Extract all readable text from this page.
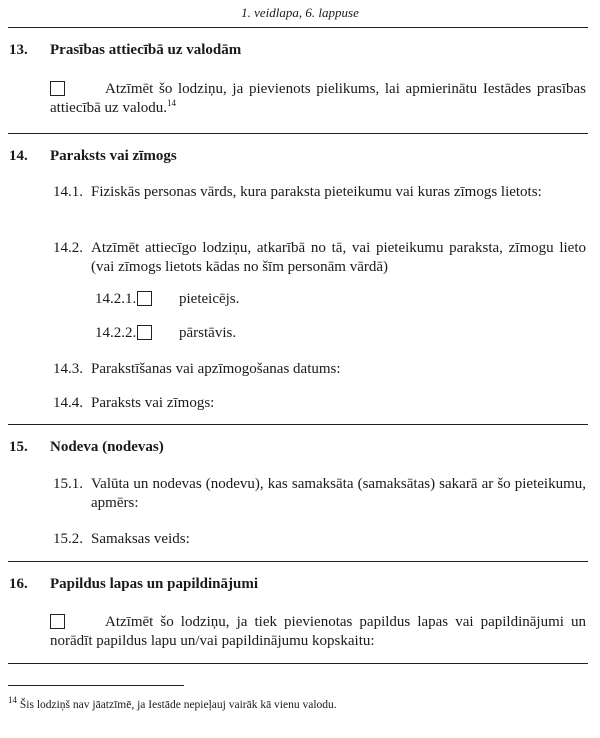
1. veidlapa, 6. lappuse
13. Prasības attiecībā uz valodām
Atzīmēt šo lodziņu, ja pievienots pielikums, lai apmierinātu Iestādes prasības attiecībā uz valodu.$^{14}$
14. Paraksts vai zīmogs
14.1. Fiziskās personas vārds, kura paraksta pieteikumu vai kuras zīmogs lietots:
14.2. Atzīmēt attiecīgo lodziņu, atkarībā no tā, vai pieteikumu paraksta, zīmogu lieto (vai zīmogs lietots kādas no šīm personām vārdā)
14.2.1.	pieteicējs.
14.2.2.	pārstāvis.
14.3. Parakstīšanas vai apzīmogošanas datums:
14.4. Paraksts vai zīmogs:
15. Nodeva (nodevas)
15.1. Valūta un nodevas (nodevu), kas samaksāta (samaksātas) sakarā ar šo pieteikumu, apmērs:
15.2. Samaksas veids:
16. Papildus lapas un papildinājumi
Atzīmēt šo lodziņu, ja tiek pievienotas papildus lapas vai papildinājumi un norādīt papildus lapu un/vai papildinājumu kopskaitu:
$^{14}$ Šis lodziņš nav jāatzīmē, ja Iestāde nepieļauj vairāk kā vienu valodu.
